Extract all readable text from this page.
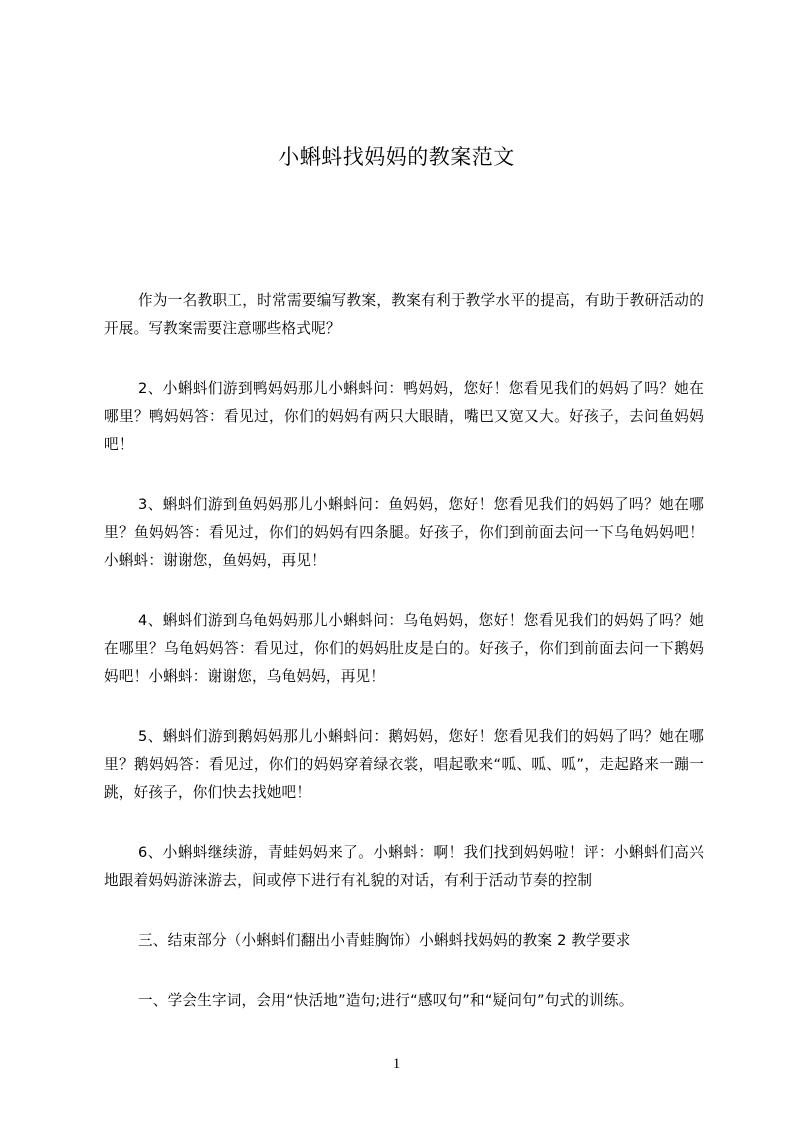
小蝌蚪找妈妈的教案范文

作为一名教职工，时常需要编写教案，教案有利于教学水平的提高，有助于教研活动的开展。写教案需要注意哪些格式呢？

2、小蝌蚪们游到鸭妈妈那儿小蝌蚪问：鸭妈妈，您好！您看见我们的妈妈了吗？她在哪里？鸭妈妈答：看见过，你们的妈妈有两只大眼睛，嘴巴又宽又大。好孩子，去问鱼妈妈吧！

3、蝌蚪们游到鱼妈妈那儿小蝌蚪问：鱼妈妈，您好！您看见我们的妈妈了吗？她在哪里？鱼妈妈答：看见过，你们的妈妈有四条腿。好孩子，你们到前面去问一下乌龟妈妈吧！小蝌蚪：谢谢您，鱼妈妈，再见！

4、蝌蚪们游到乌龟妈妈那儿小蝌蚪问：乌龟妈妈，您好！您看见我们的妈妈了吗？她在哪里？乌龟妈妈答：看见过，你们的妈妈肚皮是白的。好孩子，你们到前面去问一下鹅妈妈吧！小蝌蚪：谢谢您，乌龟妈妈，再见！

5、蝌蚪们游到鹅妈妈那儿小蝌蚪问：鹅妈妈，您好！您看见我们的妈妈了吗？她在哪里？鹅妈妈答：看见过，你们的妈妈穿着绿衣裳，唱起歌来“呱、呱、呱”，走起路来一蹦一跳，好孩子，你们快去找她吧！

6、小蝌蚪继续游，青蛙妈妈来了。小蝌蚪：啊！我们找到妈妈啦！评：小蝌蚪们高兴地跟着妈妈游涞游去，间或停下进行有礼貌的对话，有利于活动节奏的控制

三、结束部分（小蝌蚪们翻出小青蛙胸饰）小蝌蚪找妈妈的教案 2 教学要求

一、学会生字词，会用“快活地”造句;进行“感叹句”和“疑问句”句式的训练。

1
